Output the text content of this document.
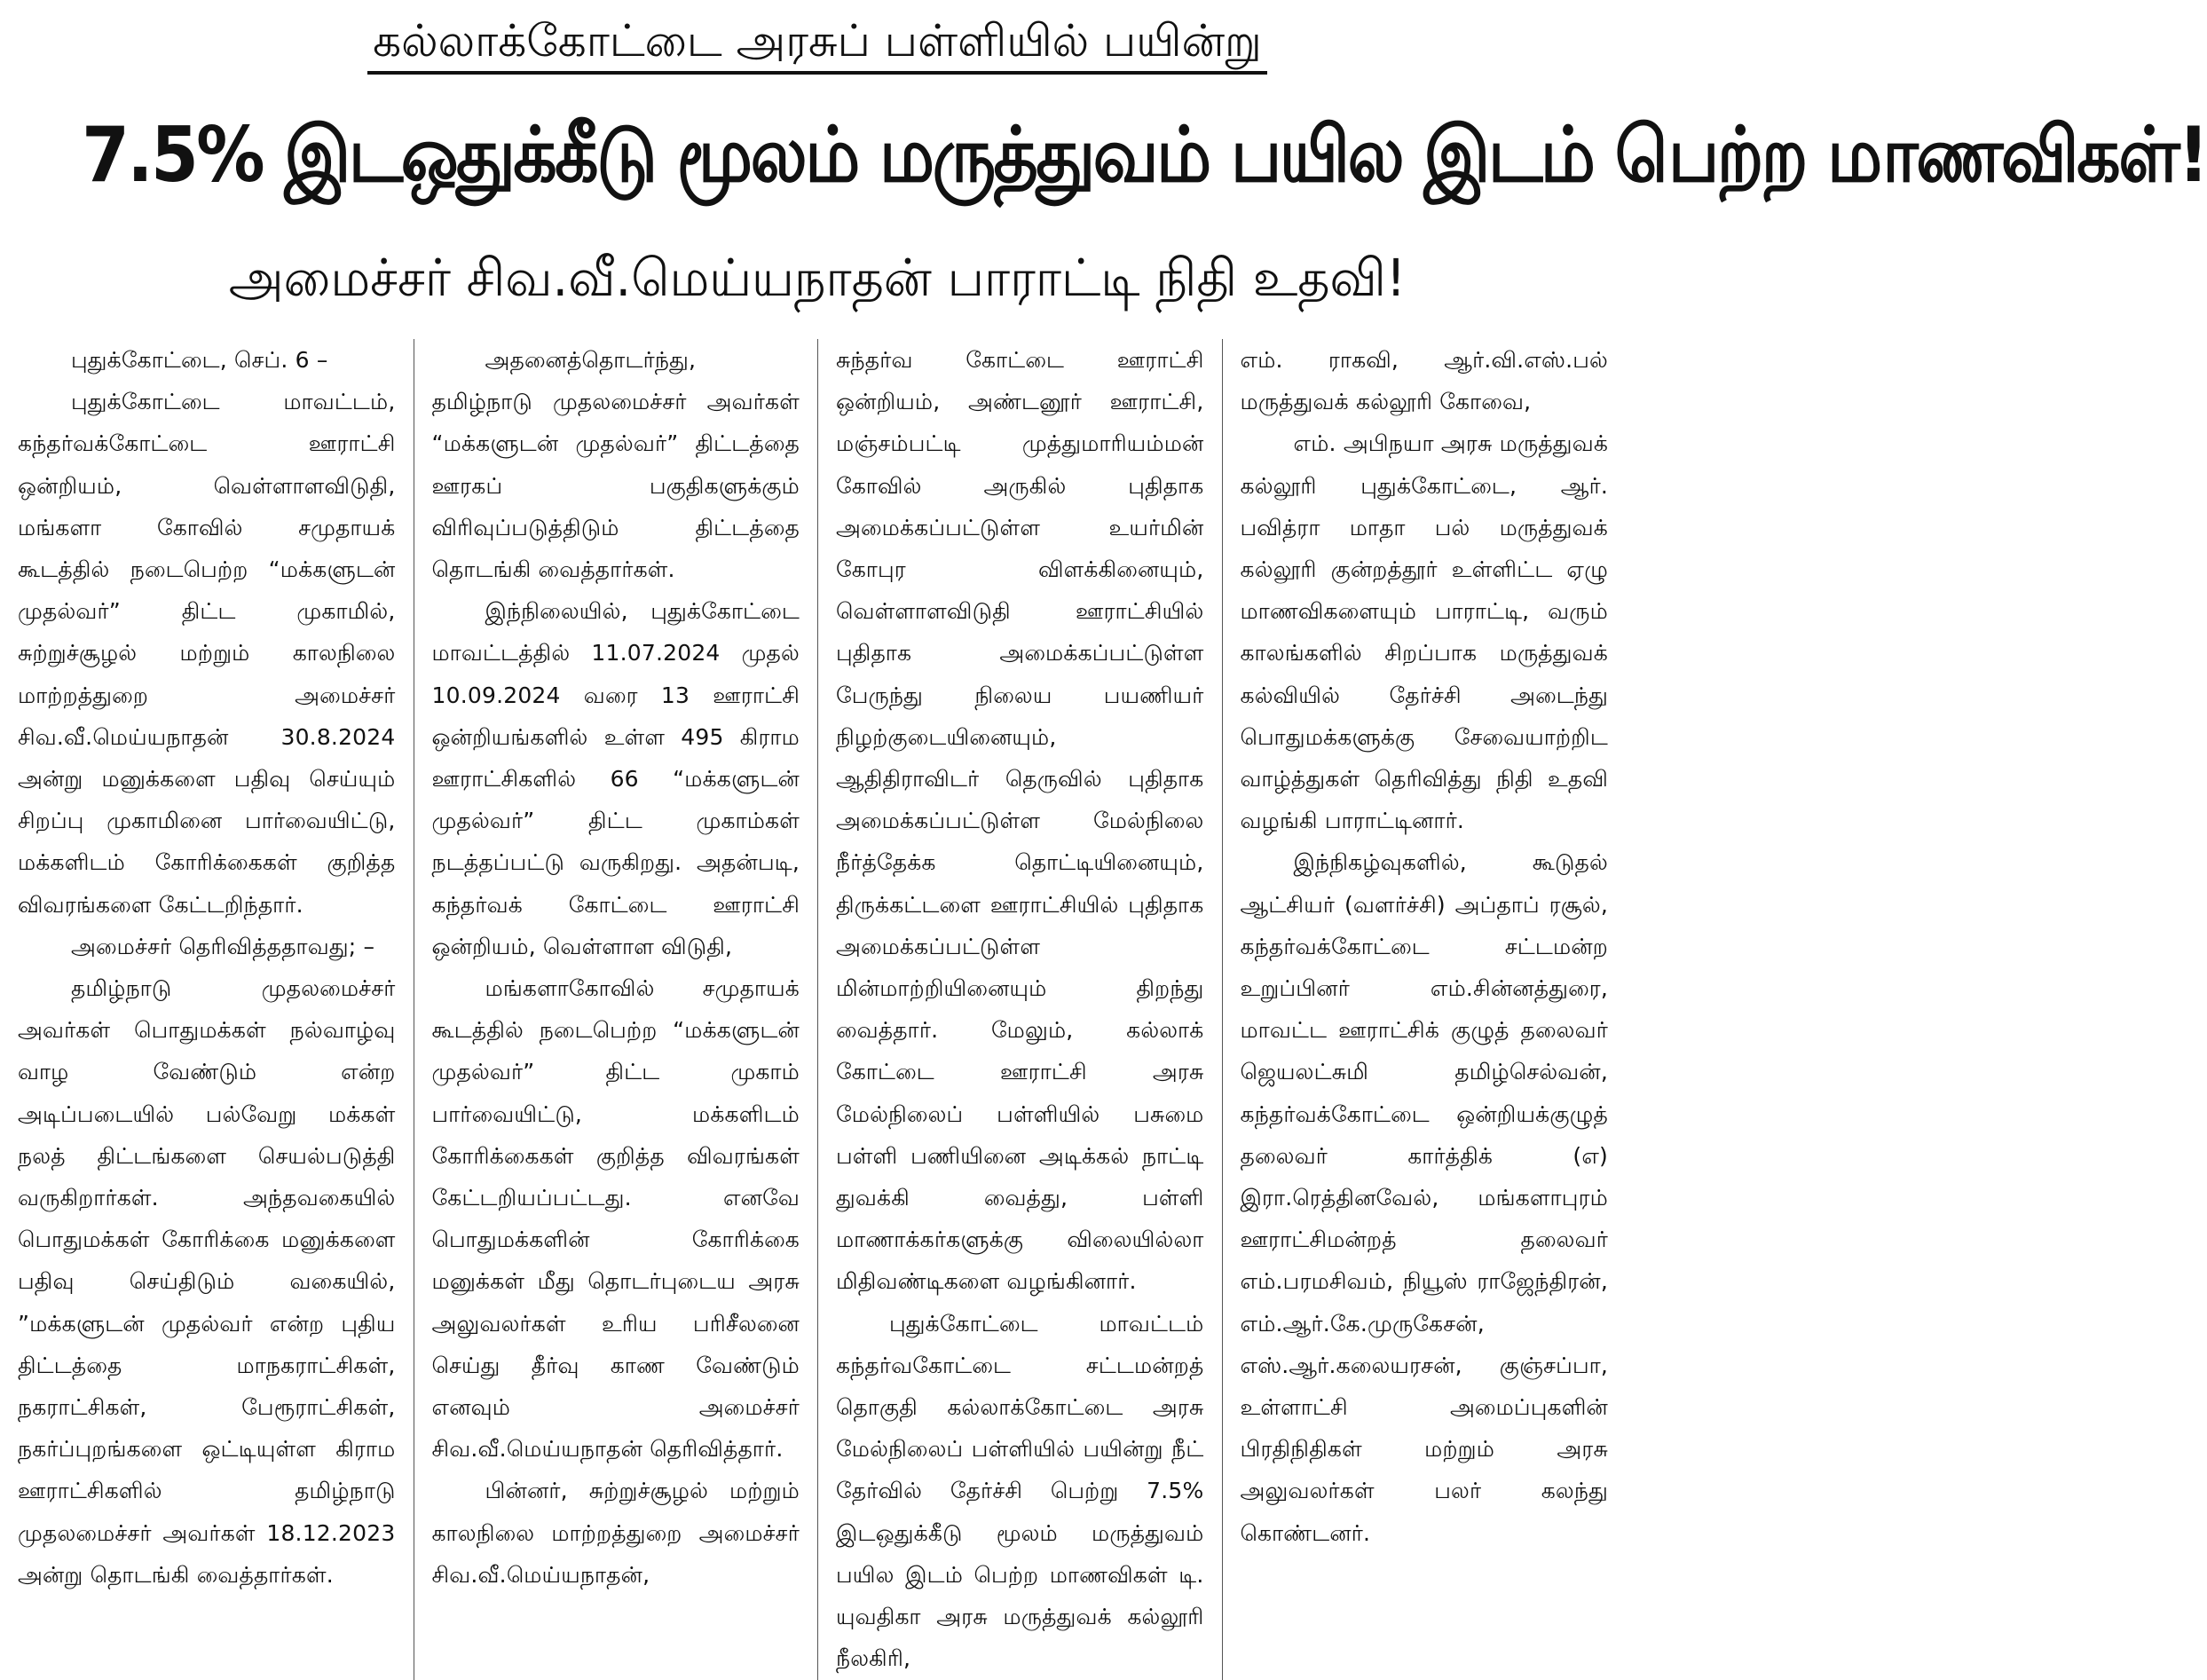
கல்லாக்கோட்டை அரசுப் பள்ளியில் பயின்று
7.5% இடஒதுக்கீடு மூலம் மருத்துவம் பயில இடம் பெற்ற மாணவிகள்!
அமைச்சர் சிவ.வீ.மெய்யநாதன் பாராட்டி நிதி உதவி!

புதுக்கோட்டை, செப். 6 –

புதுக்கோட்டை மாவட்டம், கந்தர்வக்கோட்டை ஊராட்சி ஒன்றியம், வெள்ளாளவிடுதி, மங்களா கோவில் சமுதாயக் கூடத்தில் நடைபெற்ற “மக்களுடன் முதல்வர்” திட்ட முகாமில், சுற்றுச்சூழல் மற்றும் காலநிலை மாற்றத்துறை அமைச்சர் சிவ.வீ.மெய்யநாதன் 30.8.2024 அன்று மனுக்களை பதிவு செய்யும் சிறப்பு முகாமினை பார்வையிட்டு, மக்களிடம் கோரிக்கைகள் குறித்த விவரங்களை கேட்டறிந்தார்.

அமைச்சர் தெரிவித்ததாவது; –

தமிழ்நாடு முதலமைச்சர் அவர்கள் பொதுமக்கள் நல்வாழ்வு வாழ வேண்டும் என்ற அடிப்படையில் பல்வேறு மக்கள் நலத் திட்டங்களை செயல்படுத்தி வருகிறார்கள். அந்தவகையில் பொதுமக்கள் கோரிக்கை மனுக்களை பதிவு செய்திடும் வகையில், ”மக்களுடன் முதல்வர் என்ற புதிய திட்டத்தை மாநகராட்சிகள், நகராட்சிகள், பேரூராட்சிகள், நகர்ப்புறங்களை ஒட்டியுள்ள கிராம ஊராட்சிகளில் தமிழ்நாடு முதலமைச்சர் அவர்கள் 18.12.2023 அன்று தொடங்கி வைத்தார்கள்.

அதனைத்தொடர்ந்து, தமிழ்நாடு முதலமைச்சர் அவர்கள் “மக்களுடன் முதல்வர்” திட்டத்தை ஊரகப் பகுதிகளுக்கும் விரிவுப்படுத்திடும் திட்டத்தை தொடங்கி வைத்தார்கள்.

இந்நிலையில், புதுக்கோட்டை மாவட்டத்தில் 11.07.2024 முதல் 10.09.2024 வரை 13 ஊராட்சி ஒன்றியங்களில் உள்ள 495 கிராம ஊராட்சிகளில் 66 “மக்களுடன் முதல்வர்” திட்ட முகாம்கள் நடத்தப்பட்டு வருகிறது. அதன்படி, கந்தர்வக் கோட்டை ஊராட்சி ஒன்றியம், வெள்ளாள விடுதி,

மங்களாகோவில் சமுதாயக் கூடத்தில் நடைபெற்ற “மக்களுடன் முதல்வர்” திட்ட முகாம் பார்வையிட்டு, மக்களிடம் கோரிக்கைகள் குறித்த விவரங்கள் கேட்டறியப்பட்டது. எனவே பொதுமக்களின் கோரிக்கை மனுக்கள் மீது தொடர்புடைய அரசு அலுவலர்கள் உரிய பரிசீலனை செய்து தீர்வு காண வேண்டும் எனவும் அமைச்சர் சிவ.வீ.மெய்யநாதன் தெரிவித்தார்.

பின்னர், சுற்றுச்சூழல் மற்றும் காலநிலை மாற்றத்துறை அமைச்சர் சிவ.வீ.மெய்யநாதன்,

சுந்தர்வ கோட்டை ஊராட்சி ஒன்றியம், அண்டனூர் ஊராட்சி, மஞ்சம்பட்டி முத்துமாரியம்மன் கோவில் அருகில் புதிதாக அமைக்கப்பட்டுள்ள உயர்மின் கோபுர விளக்கினையும், வெள்ளாளவிடுதி ஊராட்சியில் புதிதாக அமைக்கப்பட்டுள்ள பேருந்து நிலைய பயணியர் நிழற்குடையினையும், ஆதிதிராவிடர் தெருவில் புதிதாக அமைக்கப்பட்டுள்ள மேல்நிலை நீர்த்தேக்க தொட்டியினையும், திருக்கட்டளை ஊராட்சியில் புதிதாக அமைக்கப்பட்டுள்ள மின்மாற்றியினையும் திறந்து வைத்தார். மேலும், கல்லாக் கோட்டை ஊராட்சி அரசு மேல்நிலைப் பள்ளியில் பசுமை பள்ளி பணியினை அடிக்கல் நாட்டி துவக்கி வைத்து, பள்ளி மாணாக்கர்களுக்கு விலையில்லா மிதிவண்டிகளை வழங்கினார்.

புதுக்கோட்டை மாவட்டம் கந்தர்வகோட்டை சட்டமன்றத் தொகுதி கல்லாக்கோட்டை அரசு மேல்நிலைப் பள்ளியில் பயின்று நீட் தேர்வில் தேர்ச்சி பெற்று 7.5% இடஒதுக்கீடு மூலம் மருத்துவம் பயில இடம் பெற்ற மாணவிகள் டி. யுவதிகா அரசு மருத்துவக் கல்லூரி நீலகிரி,

எம். ராகவி, ஆர்.வி.எஸ்.பல் மருத்துவக் கல்லூரி கோவை,

எம். அபிநயா அரசு மருத்துவக் கல்லூரி புதுக்கோட்டை, ஆர். பவித்ரா மாதா பல் மருத்துவக் கல்லூரி குன்றத்தூர் உள்ளிட்ட ஏழு மாணவிகளையும் பாராட்டி, வரும் காலங்களில் சிறப்பாக மருத்துவக் கல்வியில் தேர்ச்சி அடைந்து பொதுமக்களுக்கு சேவையாற்றிட வாழ்த்துகள் தெரிவித்து நிதி உதவி வழங்கி பாராட்டினார்.

இந்நிகழ்வுகளில், கூடுதல் ஆட்சியர் (வளர்ச்சி) அப்தாப் ரசூல், கந்தர்வக்கோட்டை சட்டமன்ற உறுப்பினர் எம்.சின்னத்துரை, மாவட்ட ஊராட்சிக் குழுத் தலைவர் ஜெயலட்சுமி தமிழ்செல்வன், கந்தர்வக்கோட்டை ஒன்றியக்குழுத் தலைவர் கார்த்திக் (எ) இரா.ரெத்தினவேல், மங்களாபுரம் ஊராட்சிமன்றத் தலைவர் எம்.பரமசிவம், நியூஸ் ராஜேந்திரன், எம்.ஆர்.கே.முருகேசன், எஸ்.ஆர்.கலையரசன், குஞ்சப்பா, உள்ளாட்சி அமைப்புகளின் பிரதிநிதிகள் மற்றும் அரசு அலுவலர்கள் பலர் கலந்து கொண்டனர்.
